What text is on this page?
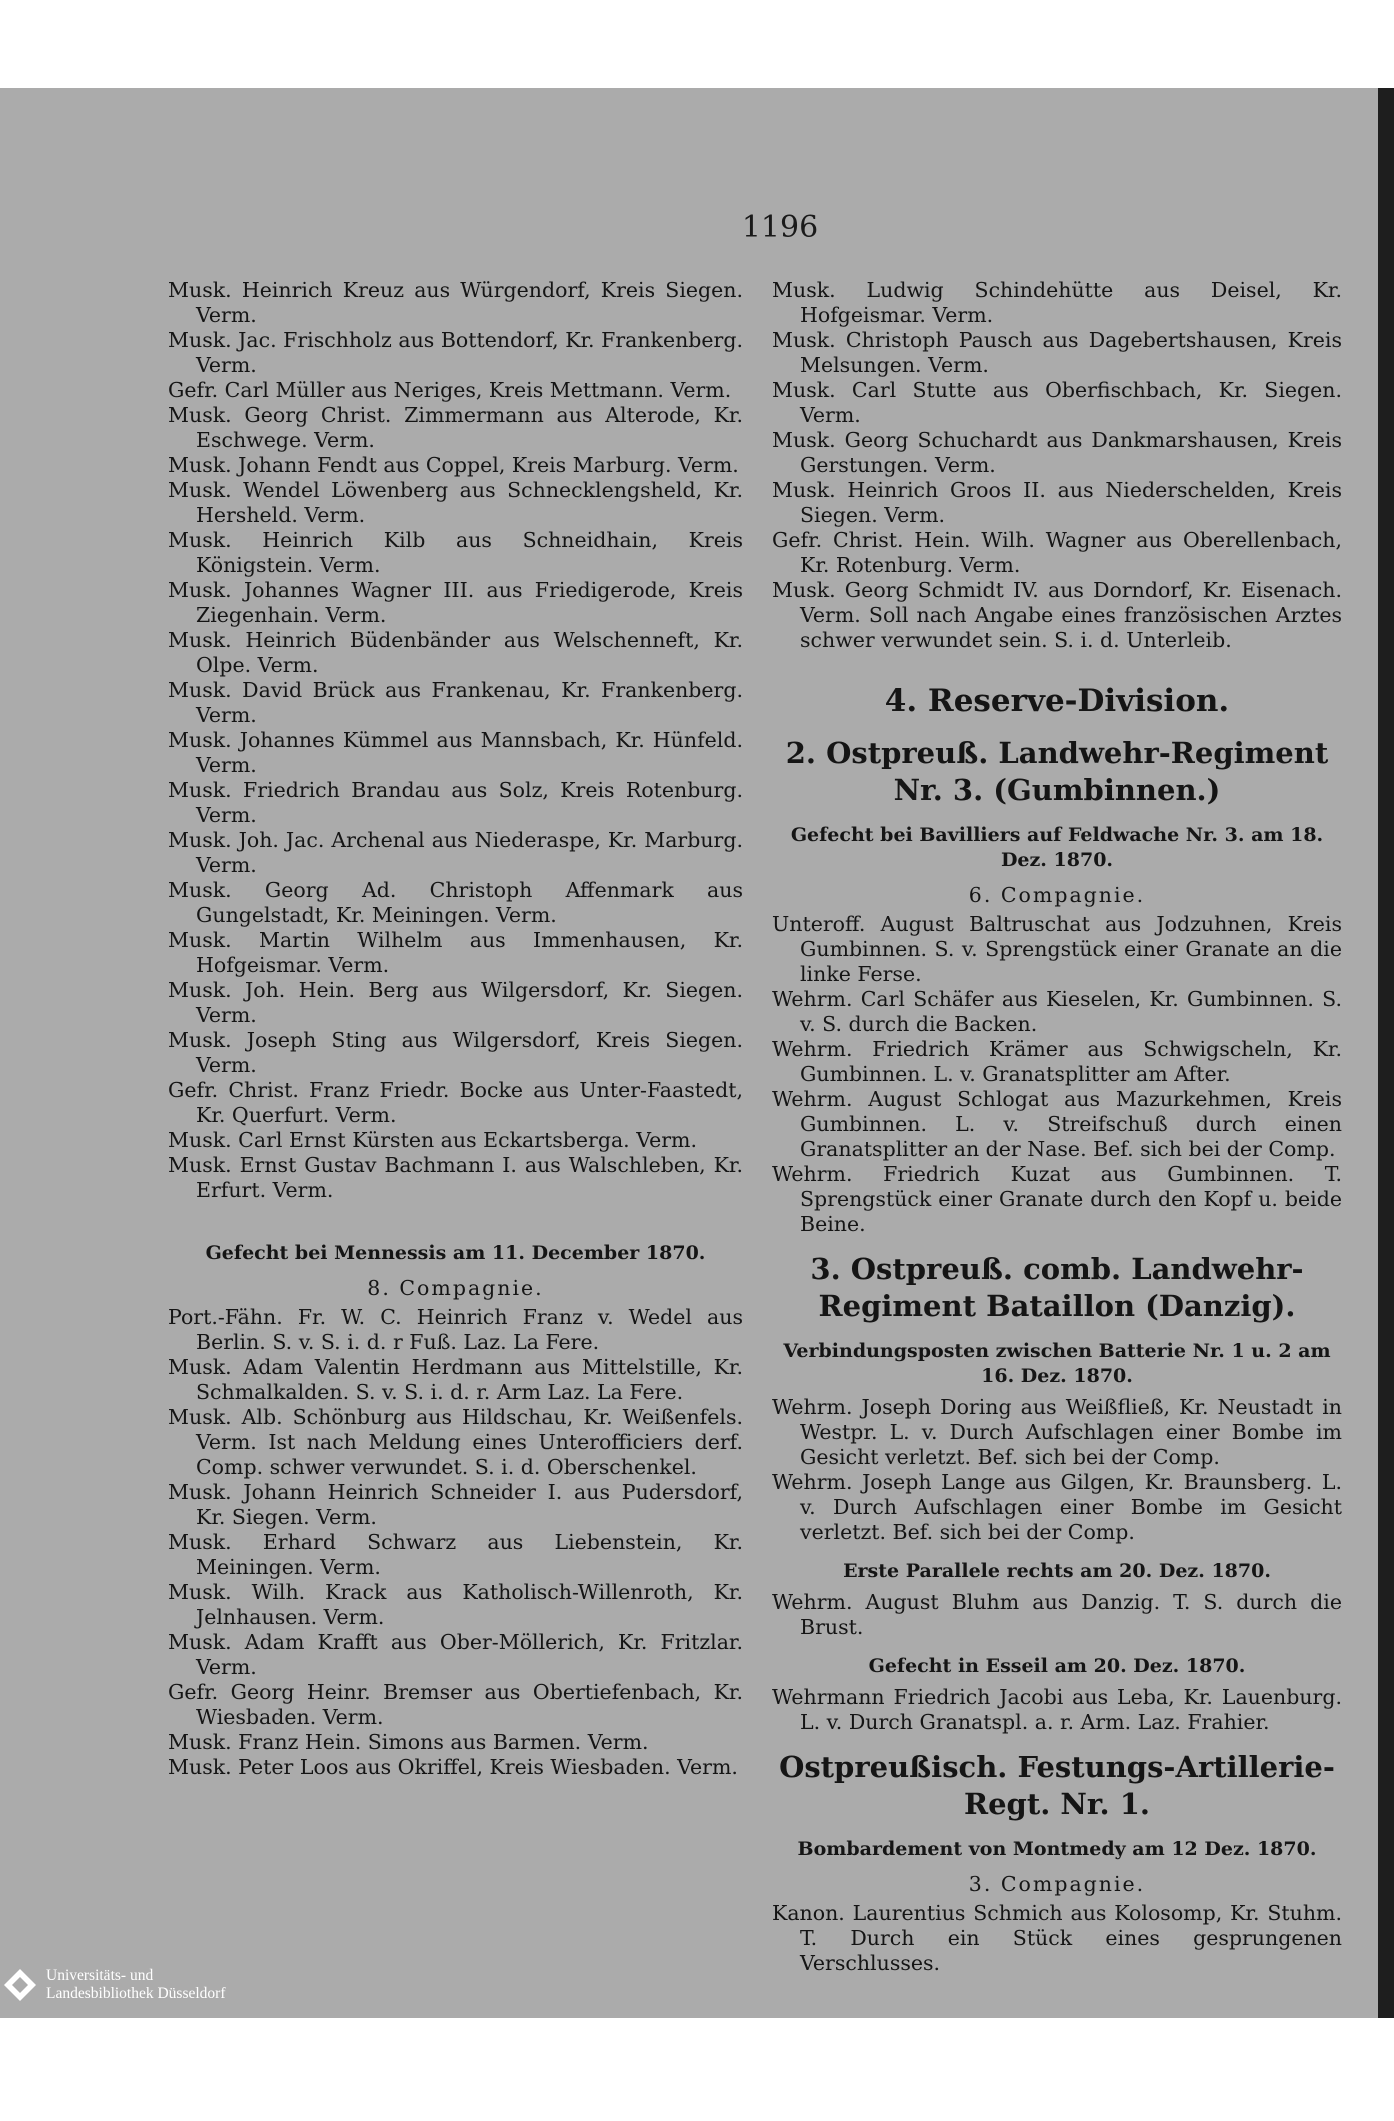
1196

Musk. Heinrich Kreuz aus Würgendorf, Kreis Siegen. Verm.

Musk. Jac. Frischholz aus Bottendorf, Kr. Frankenberg. Verm.

Gefr. Carl Müller aus Neriges, Kreis Mettmann. Verm.

Musk. Georg Christ. Zimmermann aus Alterode, Kr. Eschwege. Verm.

Musk. Johann Fendt aus Coppel, Kreis Marburg. Verm.

Musk. Wendel Löwenberg aus Schnecklengsheld, Kr. Hersheld. Verm.

Musk. Heinrich Kilb aus Schneidhain, Kreis Königstein. Verm.

Musk. Johannes Wagner III. aus Friedigerode, Kreis Ziegenhain. Verm.

Musk. Heinrich Büdenbänder aus Welschenneft, Kr. Olpe. Verm.

Musk. David Brück aus Frankenau, Kr. Frankenberg. Verm.

Musk. Johannes Kümmel aus Mannsbach, Kr. Hünfeld. Verm.

Musk. Friedrich Brandau aus Solz, Kreis Rotenburg. Verm.

Musk. Joh. Jac. Archenal aus Niederaspe, Kr. Marburg. Verm.

Musk. Georg Ad. Christoph Affenmark aus Gungelstadt, Kr. Meiningen. Verm.

Musk. Martin Wilhelm aus Immenhausen, Kr. Hofgeismar. Verm.

Musk. Joh. Hein. Berg aus Wilgersdorf, Kr. Siegen. Verm.

Musk. Joseph Sting aus Wilgersdorf, Kreis Siegen. Verm.

Gefr. Christ. Franz Friedr. Bocke aus Unter-Faastedt, Kr. Querfurt. Verm.

Musk. Carl Ernst Kürsten aus Eckartsberga. Verm.

Musk. Ernst Gustav Bachmann I. aus Walschleben, Kr. Erfurt. Verm.

Gefecht bei Mennessis am 11. December 1870.
8. Compagnie.

Port.-Fähn. Fr. W. C. Heinrich Franz v. Wedel aus Berlin. S. v. S. i. d. r Fuß. Laz. La Fere.

Musk. Adam Valentin Herdmann aus Mittelstille, Kr. Schmalkalden. S. v. S. i. d. r. Arm Laz. La Fere.

Musk. Alb. Schönburg aus Hildschau, Kr. Weißenfels. Verm. Ist nach Meldung eines Unterofficiers derf. Comp. schwer verwundet. S. i. d. Oberschenkel.

Musk. Johann Heinrich Schneider I. aus Pudersdorf, Kr. Siegen. Verm.

Musk. Erhard Schwarz aus Liebenstein, Kr. Meiningen. Verm.

Musk. Wilh. Krack aus Katholisch-Willenroth, Kr. Jelnhausen. Verm.

Musk. Adam Krafft aus Ober-Möllerich, Kr. Fritzlar. Verm.

Gefr. Georg Heinr. Bremser aus Obertiefenbach, Kr. Wiesbaden. Verm.

Musk. Franz Hein. Simons aus Barmen. Verm.

Musk. Peter Loos aus Okriffel, Kreis Wiesbaden. Verm.

Musk. Ludwig Schindehütte aus Deisel, Kr. Hofgeismar. Verm.

Musk. Christoph Pausch aus Dagebertshausen, Kreis Melsungen. Verm.

Musk. Carl Stutte aus Oberfischbach, Kr. Siegen. Verm.

Musk. Georg Schuchardt aus Dankmarshausen, Kreis Gerstungen. Verm.

Musk. Heinrich Groos II. aus Niederschelden, Kreis Siegen. Verm.

Gefr. Christ. Hein. Wilh. Wagner aus Oberellenbach, Kr. Rotenburg. Verm.

Musk. Georg Schmidt IV. aus Dorndorf, Kr. Eisenach. Verm. Soll nach Angabe eines französischen Arztes schwer verwundet sein. S. i. d. Unterleib.

4. Reserve-Division.
2. Ostpreuß. Landwehr-Regiment Nr. 3. (Gumbinnen.)
Gefecht bei Bavilliers auf Feldwache Nr. 3. am 18. Dez. 1870.
6. Compagnie.

Unteroff. August Baltruschat aus Jodzuhnen, Kreis Gumbinnen. S. v. Sprengstück einer Granate an die linke Ferse.

Wehrm. Carl Schäfer aus Kieselen, Kr. Gumbinnen. S. v. S. durch die Backen.

Wehrm. Friedrich Krämer aus Schwigscheln, Kr. Gumbinnen. L. v. Granatsplitter am After.

Wehrm. August Schlogat aus Mazurkehmen, Kreis Gumbinnen. L. v. Streifschuß durch einen Granatsplitter an der Nase. Bef. sich bei der Comp.

Wehrm. Friedrich Kuzat aus Gumbinnen. T. Sprengstück einer Granate durch den Kopf u. beide Beine.

3. Ostpreuß. comb. Landwehr-Regiment Bataillon (Danzig).
Verbindungsposten zwischen Batterie Nr. 1 u. 2 am 16. Dez. 1870.

Wehrm. Joseph Doring aus Weißfließ, Kr. Neustadt in Westpr. L. v. Durch Aufschlagen einer Bombe im Gesicht verletzt. Bef. sich bei der Comp.

Wehrm. Joseph Lange aus Gilgen, Kr. Braunsberg. L. v. Durch Aufschlagen einer Bombe im Gesicht verletzt. Bef. sich bei der Comp.

Erste Parallele rechts am 20. Dez. 1870.

Wehrm. August Bluhm aus Danzig. T. S. durch die Brust.

Gefecht in Esseil am 20. Dez. 1870.

Wehrmann Friedrich Jacobi aus Leba, Kr. Lauenburg. L. v. Durch Granatspl. a. r. Arm. Laz. Frahier.

Ostpreußisch. Festungs-Artillerie-Regt. Nr. 1.
Bombardement von Montmedy am 12 Dez. 1870.
3. Compagnie.

Kanon. Laurentius Schmich aus Kolosomp, Kr. Stuhm. T. Durch ein Stück eines gesprungenen Verschlusses.

Universitäts- und
Landesbibliothek Düsseldorf
